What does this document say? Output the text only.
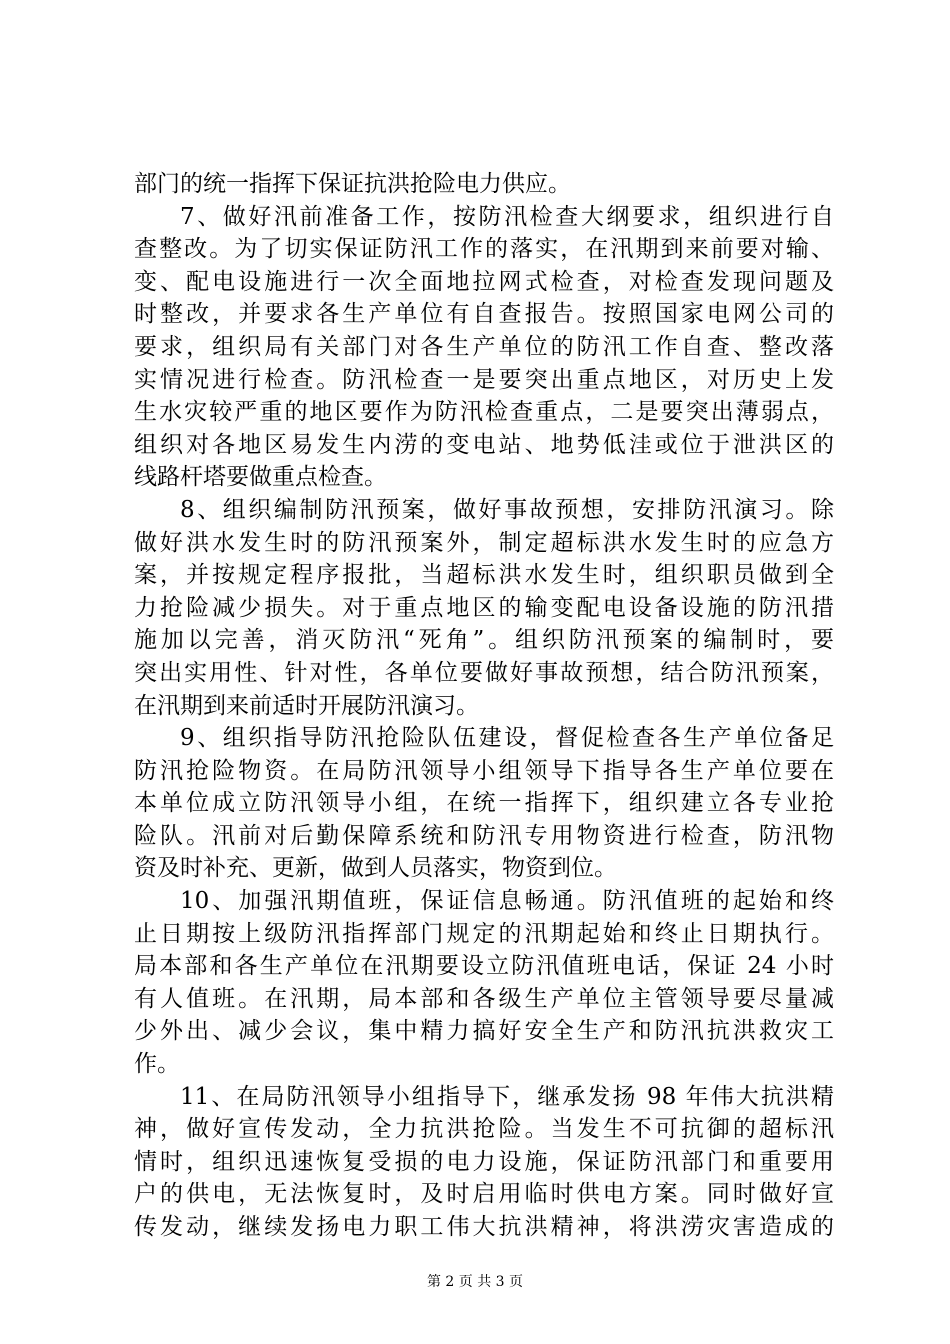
部门的统一指挥下保证抗洪抢险电力供应。
7、做好汛前准备工作，按防汛检查大纲要求，组织进行自
查整改。为了切实保证防汛工作的落实，在汛期到来前要对输、
变、配电设施进行一次全面地拉网式检查，对检查发现问题及
时整改，并要求各生产单位有自查报告。按照国家电网公司的
要求，组织局有关部门对各生产单位的防汛工作自查、整改落
实情况进行检查。防汛检查一是要突出重点地区，对历史上发
生水灾较严重的地区要作为防汛检查重点，二是要突出薄弱点，
组织对各地区易发生内涝的变电站、地势低洼或位于泄洪区的
线路杆塔要做重点检查。
8、组织编制防汛预案，做好事故预想，安排防汛演习。除
做好洪水发生时的防汛预案外，制定超标洪水发生时的应急方
案，并按规定程序报批，当超标洪水发生时，组织职员做到全
力抢险减少损失。对于重点地区的输变配电设备设施的防汛措
施加以完善，消灭防汛“死角”。组织防汛预案的编制时，要
突出实用性、针对性，各单位要做好事故预想，结合防汛预案，
在汛期到来前适时开展防汛演习。
9、组织指导防汛抢险队伍建设，督促检查各生产单位备足
防汛抢险物资。在局防汛领导小组领导下指导各生产单位要在
本单位成立防汛领导小组，在统一指挥下，组织建立各专业抢
险队。汛前对后勤保障系统和防汛专用物资进行检查，防汛物
资及时补充、更新，做到人员落实，物资到位。
10、加强汛期值班，保证信息畅通。防汛值班的起始和终
止日期按上级防汛指挥部门规定的汛期起始和终止日期执行。
局本部和各生产单位在汛期要设立防汛值班电话，保证 24 小时
有人值班。在汛期，局本部和各级生产单位主管领导要尽量减
少外出、减少会议，集中精力搞好安全生产和防汛抗洪救灾工
作。
11、在局防汛领导小组指导下，继承发扬 98 年伟大抗洪精
神，做好宣传发动，全力抗洪抢险。当发生不可抗御的超标汛
情时，组织迅速恢复受损的电力设施，保证防汛部门和重要用
户的供电，无法恢复时，及时启用临时供电方案。同时做好宣
传发动，继续发扬电力职工伟大抗洪精神，将洪涝灾害造成的
第 2 页 共 3 页
